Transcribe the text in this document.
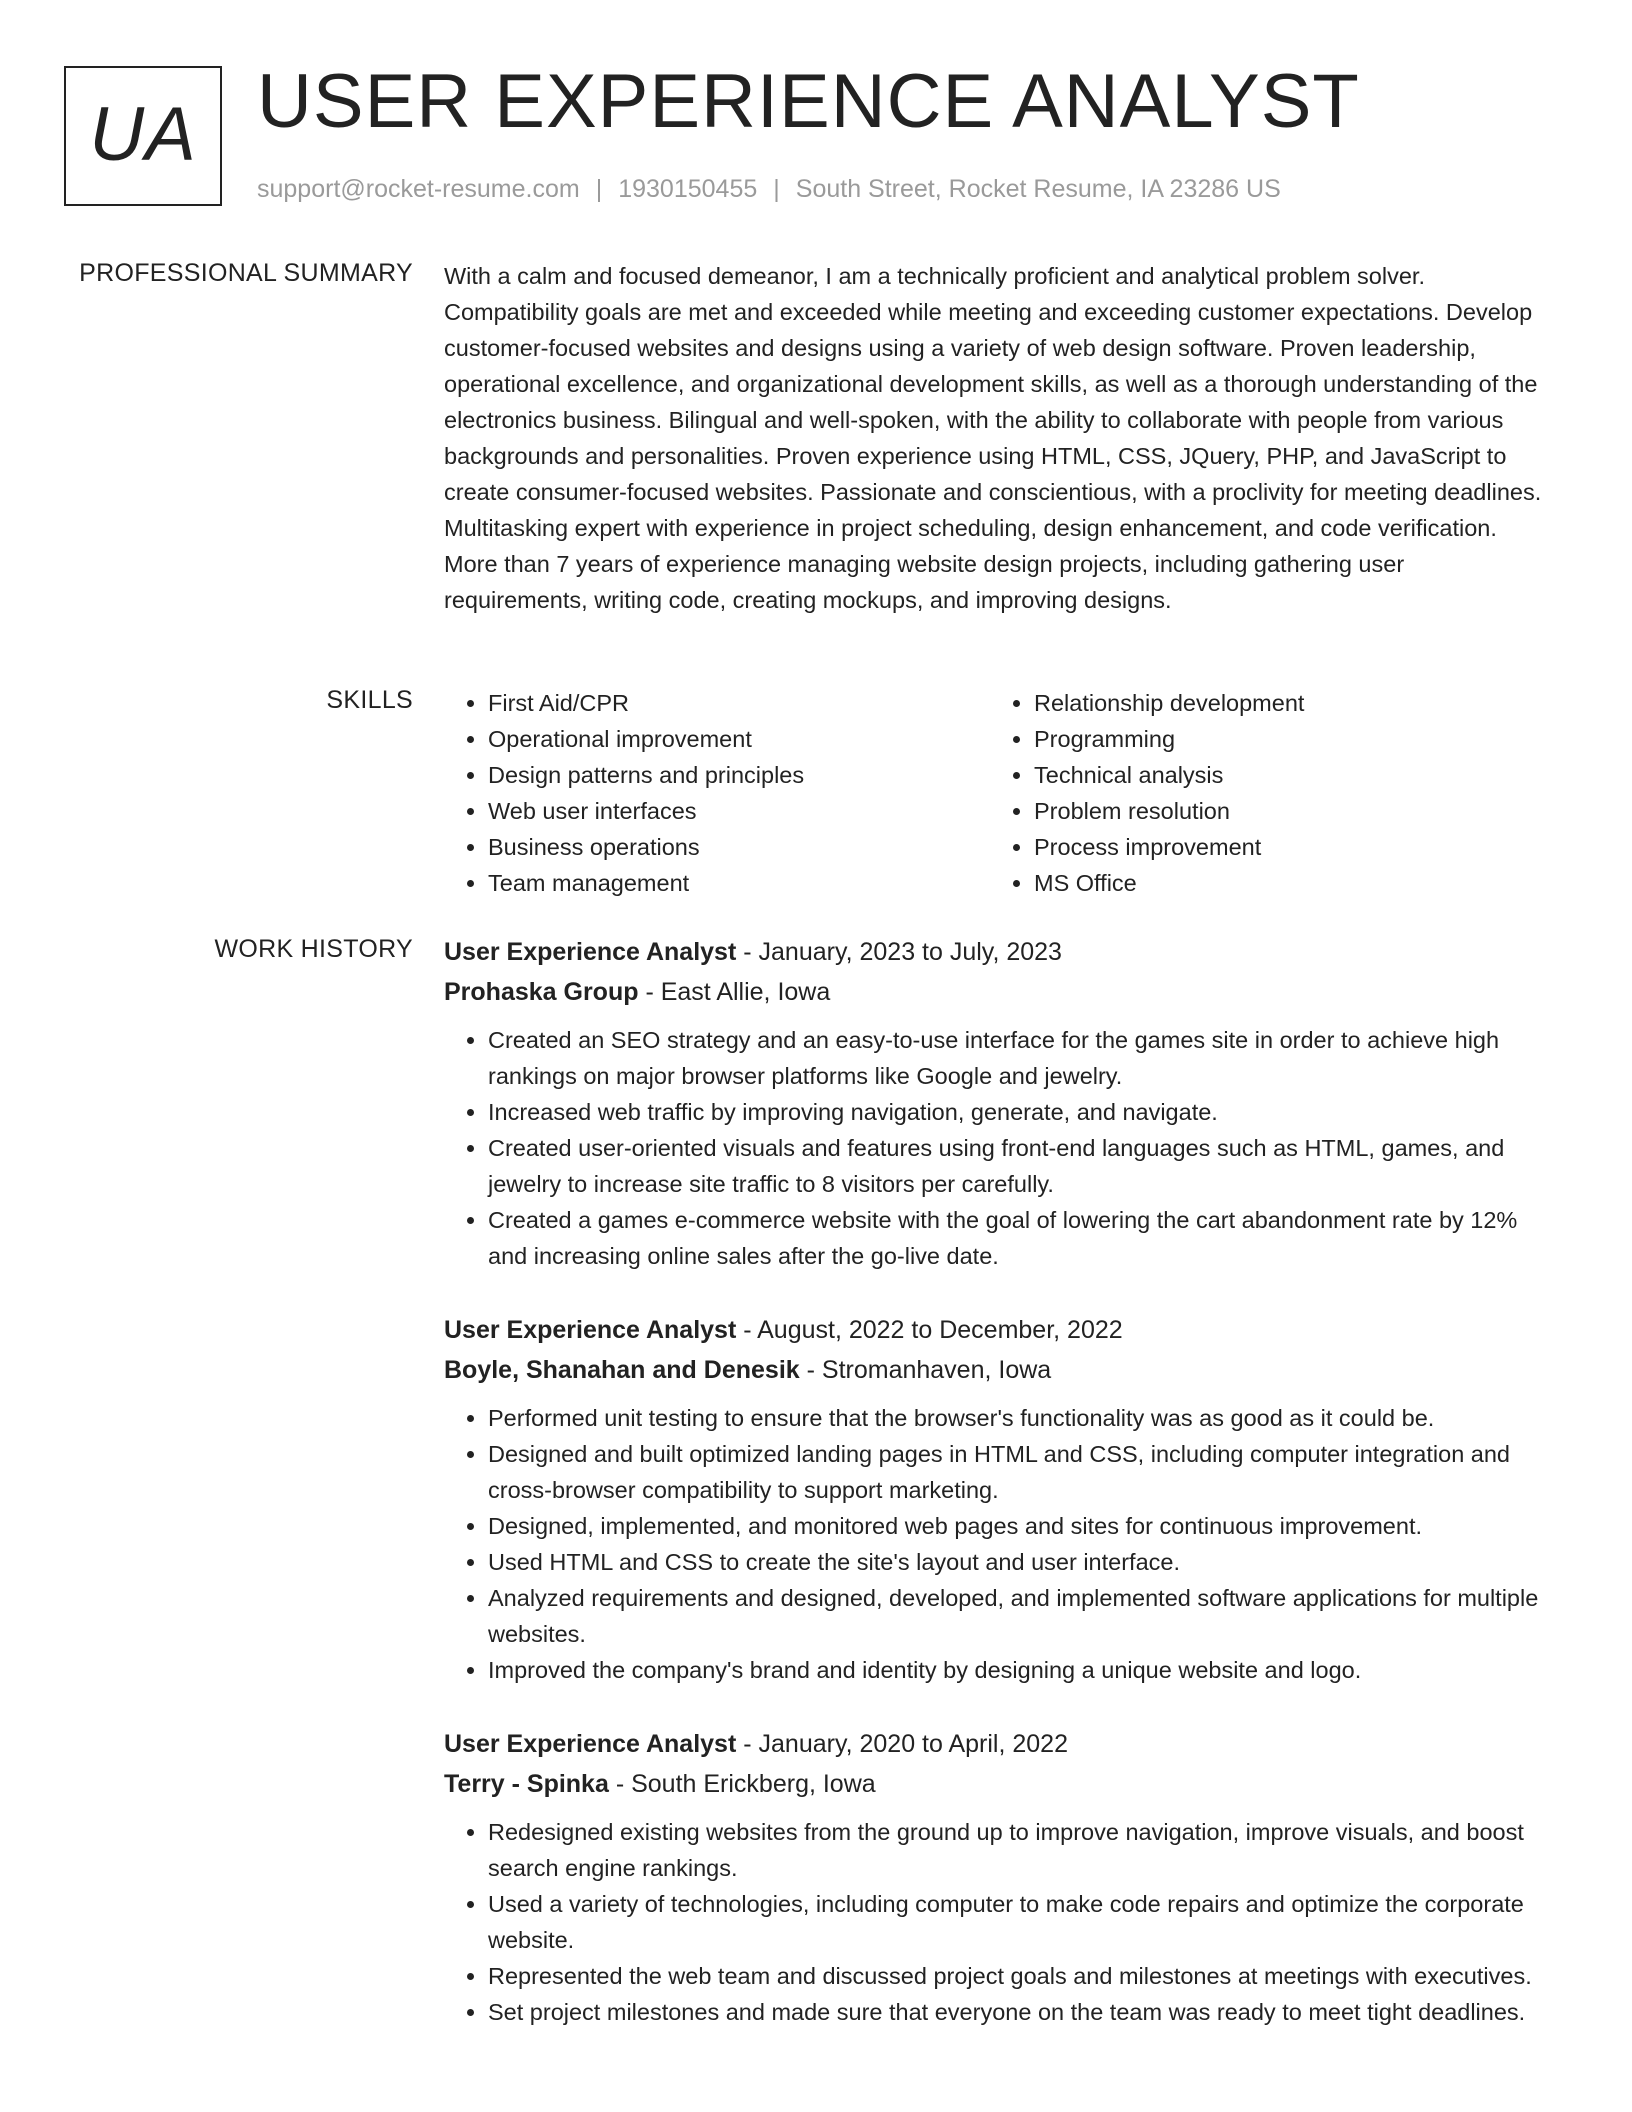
UA USER EXPERIENCE ANALYST
support@rocket-resume.com | 1930150455 | South Street, Rocket Resume, IA 23286 US
PROFESSIONAL SUMMARY With a calm and focused demeanor, I am a technically proficient and analytical problem solver. Compatibility goals are met and exceeded while meeting and exceeding customer expectations. Develop customer-focused websites and designs using a variety of web design software. Proven leadership, operational excellence, and organizational development skills, as well as a thorough understanding of the electronics business. Bilingual and well-spoken, with the ability to collaborate with people from various backgrounds and personalities. Proven experience using HTML, CSS, JQuery, PHP, and JavaScript to create consumer-focused websites. Passionate and conscientious, with a proclivity for meeting deadlines. Multitasking expert with experience in project scheduling, design enhancement, and code verification. More than 7 years of experience managing website design projects, including gathering user requirements, writing code, creating mockups, and improving designs.

SKILLS
•	First Aid/CPR
• Operational improvement
• Design patterns and principles
• Web user interfaces
• Business operations
• Team management
• Relationship development
• Programming
• Technical analysis
• Problem resolution
• Process improvement
• MS Office
WORK HISTORY User Experience Analyst - January, 2023 to July, 2023
Prohaska Group - East Allie, Iowa
• Created an SEO strategy and an easy-to-use interface for the games site in order to achieve high rankings on major browser platforms like Google and jewelry.
• Increased web traffic by improving navigation, generate, and navigate.
• Created user-oriented visuals and features using front-end languages such as HTML, games, and jewelry to increase site traffic to 8 visitors per carefully.
• Created a games e-commerce website with the goal of lowering the cart abandonment rate by 12% and increasing online sales after the go-live date.
User Experience Analyst - August, 2022 to December, 2022
Boyle, Shanahan and Denesik - Stromanhaven, Iowa
• Performed unit testing to ensure that the browser's functionality was as good as it could be.
• Designed and built optimized landing pages in HTML and CSS, including computer integration and cross-browser compatibility to support marketing.
• Designed, implemented, and monitored web pages and sites for continuous improvement.
• Used HTML and CSS to create the site's layout and user interface.
• Analyzed requirements and designed, developed, and implemented software applications for multiple websites.
• Improved the company's brand and identity by designing a unique website and logo.
User Experience Analyst - January, 2020 to April, 2022
Terry - Spinka - South Erickberg, Iowa
• Redesigned existing websites from the ground up to improve navigation, improve visuals, and boost search engine rankings.
• Used a variety of technologies, including computer to make code repairs and optimize the corporate website.
• Represented the web team and discussed project goals and milestones at meetings with executives.
• Set project milestones and made sure that everyone on the team was ready to meet tight deadlines.
